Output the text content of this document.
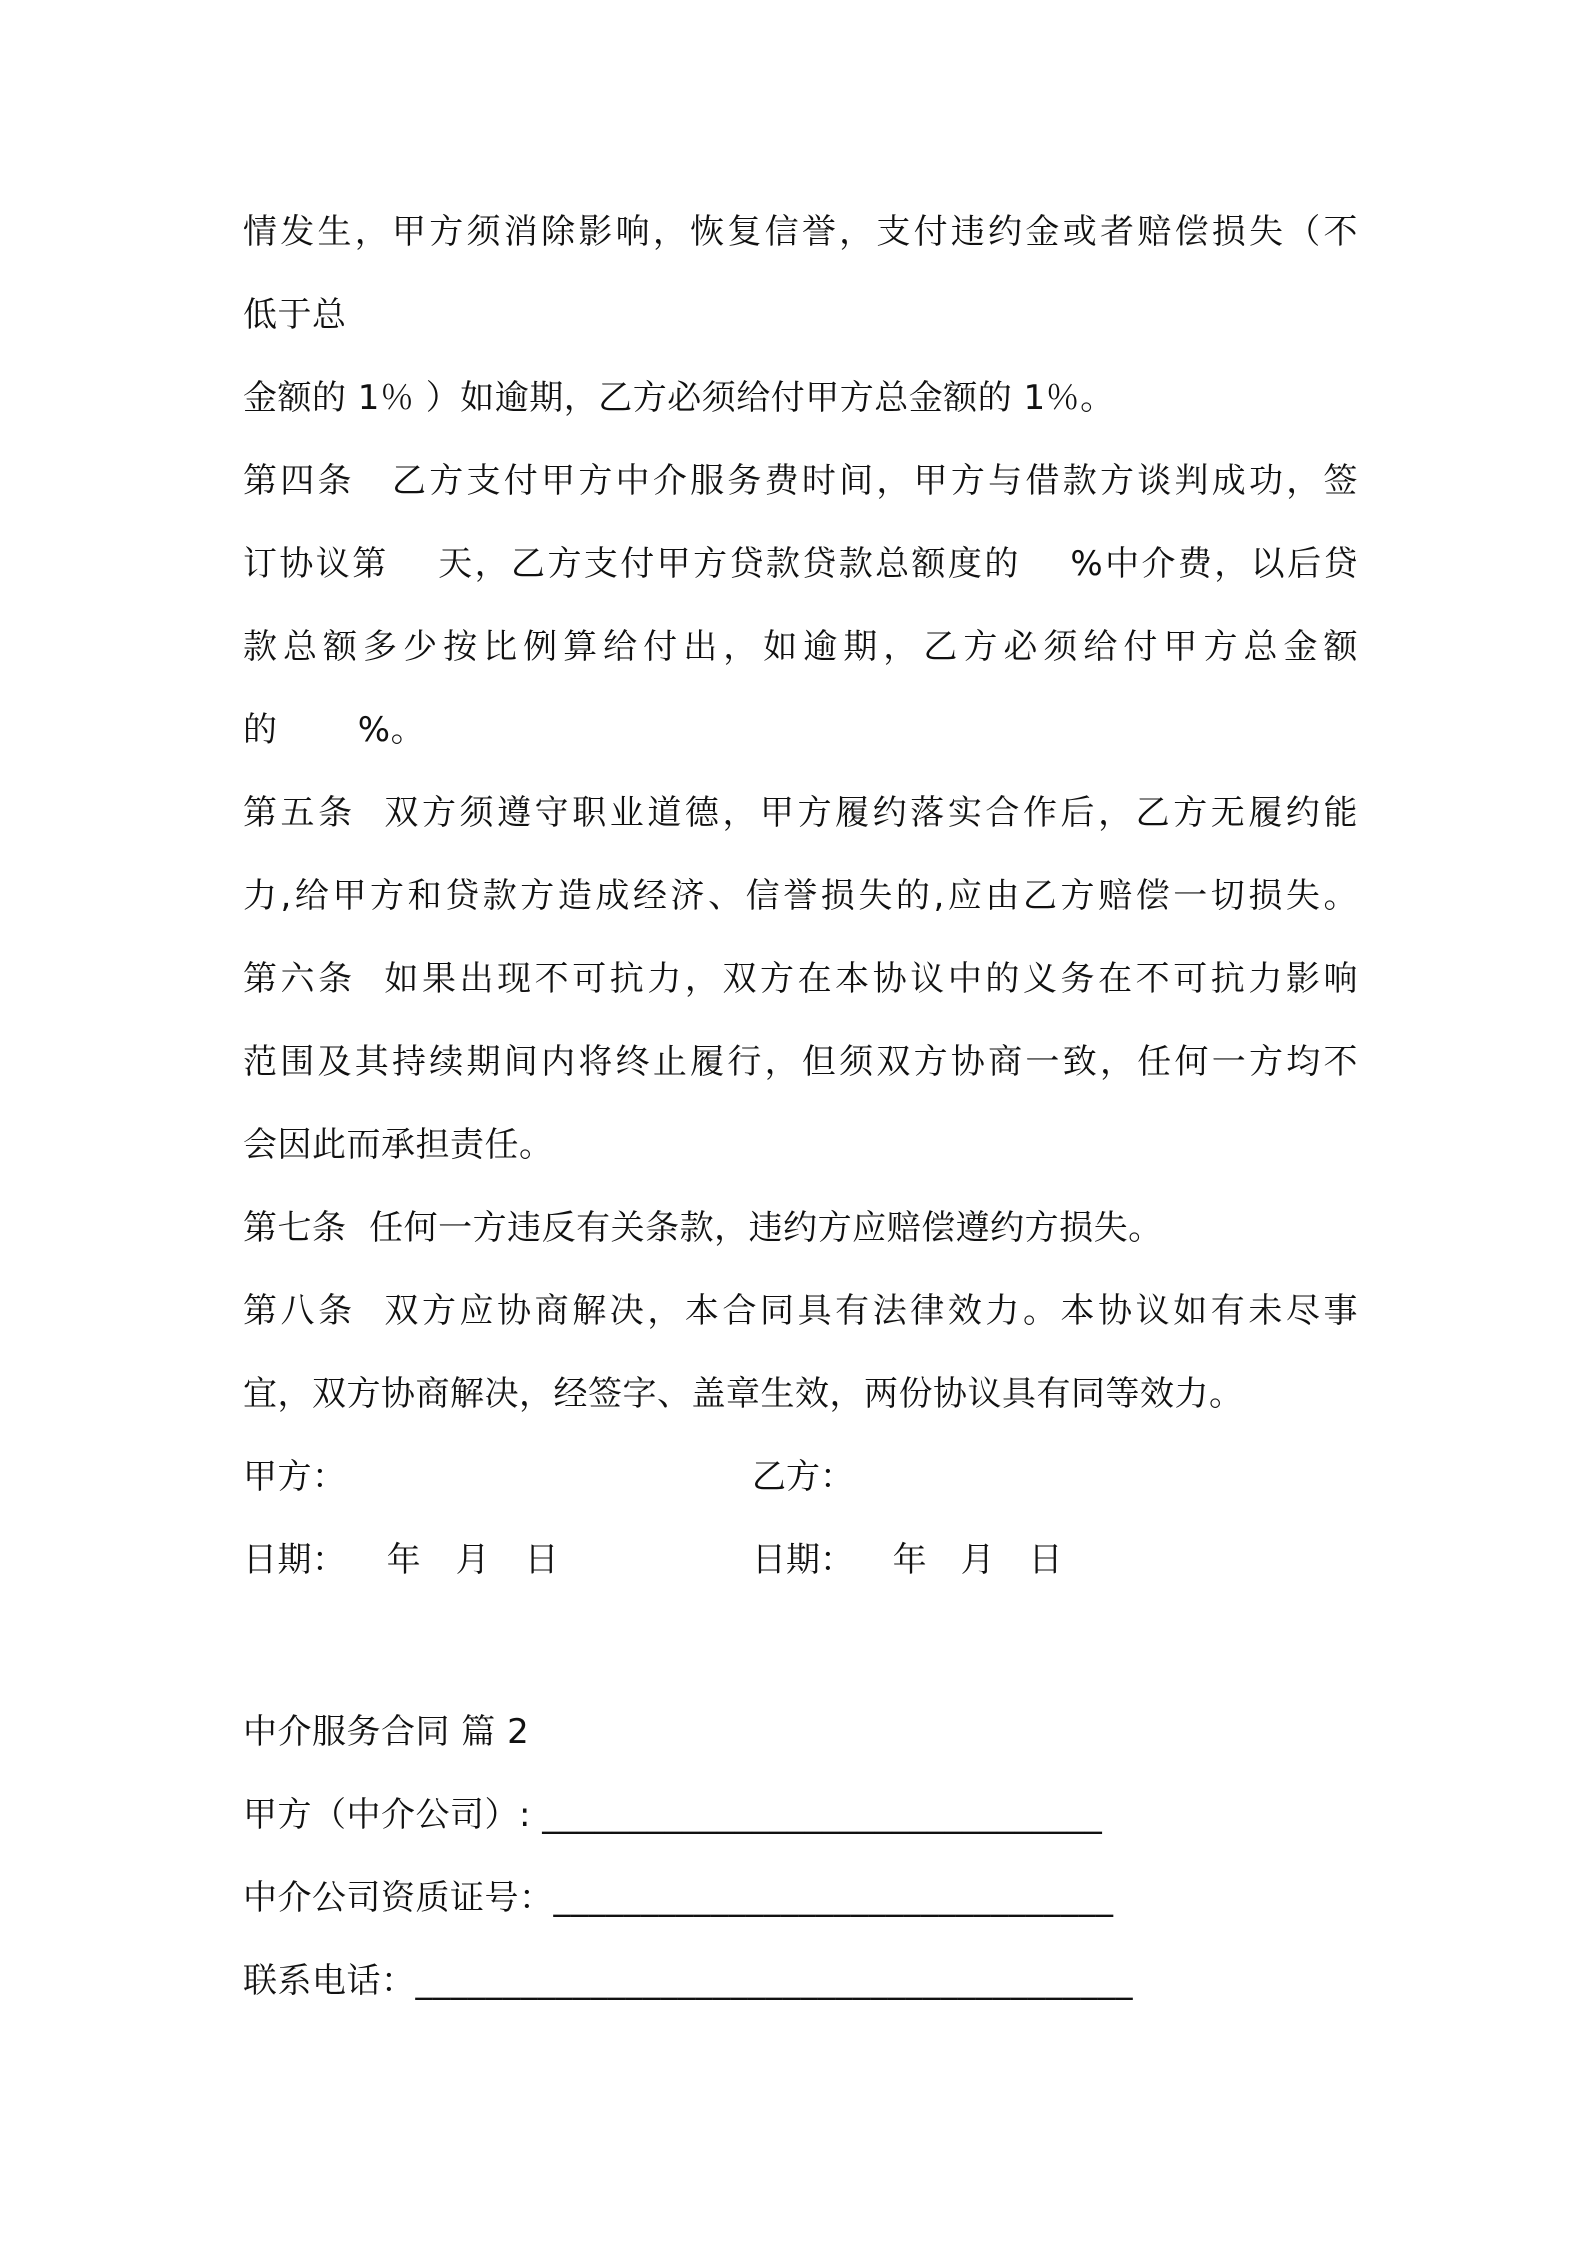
情发生，甲方须消除影响，恢复信誉，支付违约金或者赔偿损失（不
低于总
金额的 1％ ）如逾期，乙方必须给付甲方总金额的 1％。
第四条　乙方支付甲方中介服务费时间，甲方与借款方谈判成功，签
订协议第　 天，乙方支付甲方贷款贷款总额度的　 %中介费，以后贷
款总额多少按比例算给付出，如逾期，乙方必须给付甲方总金额
的　　 %。
第五条  双方须遵守职业道德，甲方履约落实合作后，乙方无履约能
力,给甲方和贷款方造成经济、信誉损失的,应由乙方赔偿一切损失。
第六条  如果出现不可抗力，双方在本协议中的义务在不可抗力影响
范围及其持续期间内将终止履行，但须双方协商一致，任何一方均不
会因此而承担责任。
第七条  任何一方违反有关条款，违约方应赔偿遵约方损失。
第八条  双方应协商解决，本合同具有法律效力。本协议如有未尽事
宜，双方协商解决，经签字、盖章生效，两份协议具有同等效力。
甲方：	乙方：
日期：　  年　月　日	日期：　  年　月　日
中介服务合同 篇 2
甲方（中介公司）: ________________________________
中介公司资质证号：________________________________
联系电话：_________________________________________
